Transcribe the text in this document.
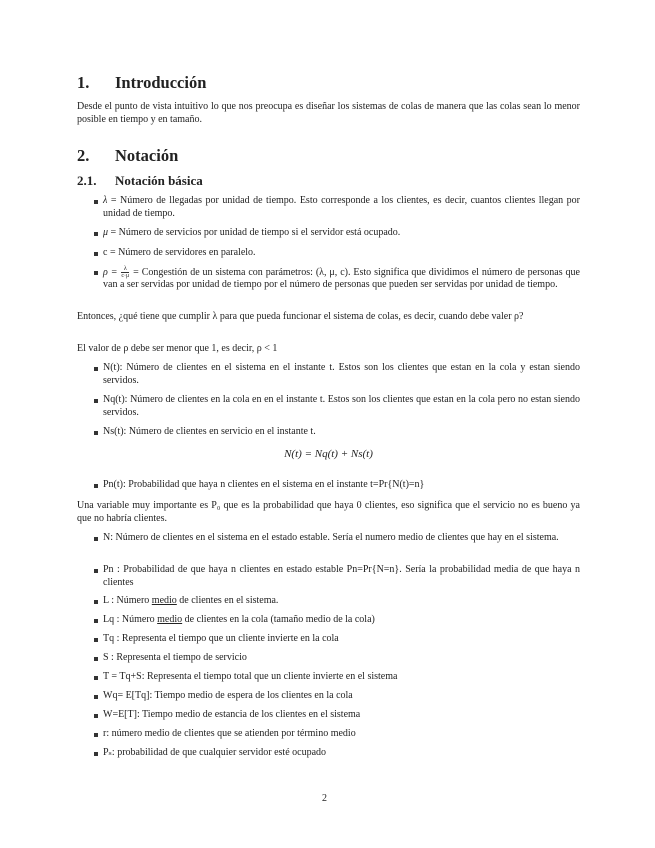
1. Introducción
Desde el punto de vista intuitivo lo que nos preocupa es diseñar los sistemas de colas de manera que las colas sean lo menor posible en tiempo y en tamaño.
2. Notación
2.1. Notación básica
λ = Número de llegadas por unidad de tiempo. Esto corresponde a los clientes, es decir, cuantos clientes llegan por unidad de tiempo.
μ = Número de servicios por unidad de tiempo si el servidor está ocupado.
c = Número de servidores en paralelo.
$\rho = \frac{\lambda}{c\cdot\mu}$ = Congestión de un sistema con parámetros: (λ, μ, c). Esto significa que dividimos el número de personas que van a ser servidas por unidad de tiempo por el número de personas que pueden ser servidas por unidad de tiempo.
Entonces, ¿qué tiene que cumplir λ para que pueda funcionar el sistema de colas, es decir, cuando debe valer ρ?
El valor de ρ debe ser menor que 1, es decir, ρ < 1
N(t): Número de clientes en el sistema en el instante t. Estos son los clientes que estan en la cola y estan siendo servidos.
Nq(t): Número de clientes en la cola en en el instante t. Estos son los clientes que estan en la cola pero no estan siendo servidos.
Ns(t): Número de clientes en servicio en el instante t.
N(t) = Nq(t) + Ns(t)
Pn(t): Probabilidad que haya n clientes en el sistema en el instante t=Pr{N(t)=n}
Una variable muy importante es P₀ que es la probabilidad que haya 0 clientes, eso significa que el servicio no es bueno ya que no habría clientes.
N: Número de clientes en el sistema en el estado estable. Sería el numero medio de clientes que hay en el sistema.
Pn : Probabilidad de que haya n clientes en estado estable Pn=Pr{N=n}. Sería la probabilidad media de que haya n clientes
L : Número medio de clientes en el sistema.
Lq : Número medio de clientes en la cola (tamaño medio de la cola)
Tq : Representa el tiempo que un cliente invierte en la cola
S : Representa el tiempo de servicio
T = Tq+S: Representa el tiempo total que un cliente invierte en el sistema
Wq= E[Tq]: Tiempo medio de espera de los clientes en la cola
W=E[T]: Tiempo medio de estancia de los clientes en el sistema
r: número medio de clientes que se atienden por término medio
Pₛ: probabilidad de que cualquier servidor esté ocupado
2
